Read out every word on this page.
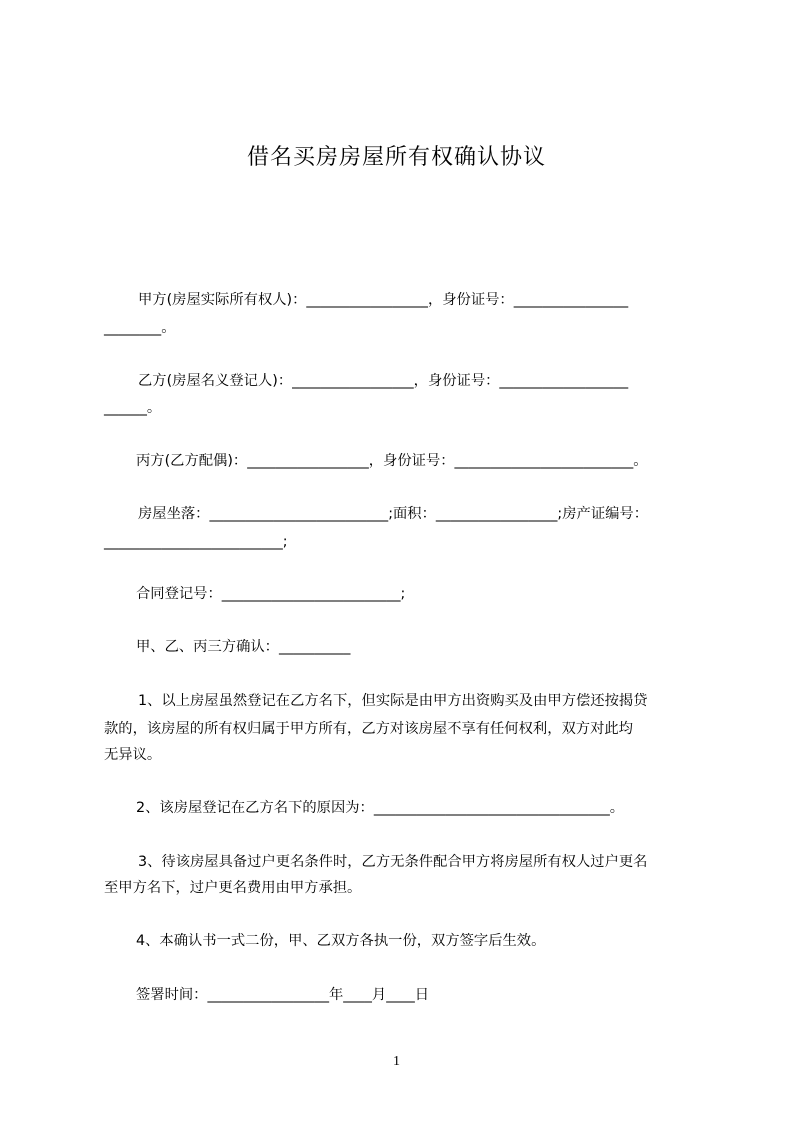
借名买房房屋所有权确认协议
甲方(房屋实际所有权人)：_________________，身份证号：________________
________。
乙方(房屋名义登记人)：_________________，身份证号：__________________
______。
丙方(乙方配偶)：_________________，身份证号：_________________________。
房屋坐落：_________________________;面积：_________________;房产证编号：
_________________________;
合同登记号：_________________________;
甲、乙、丙三方确认：__________
1、以上房屋虽然登记在乙方名下，但实际是由甲方出资购买及由甲方偿还按揭贷
款的，该房屋的所有权归属于甲方所有，乙方对该房屋不享有任何权利，双方对此均
无异议。
2、该房屋登记在乙方名下的原因为：_________________________________。
3、待该房屋具备过户更名条件时，乙方无条件配合甲方将房屋所有权人过户更名
至甲方名下，过户更名费用由甲方承担。
4、本确认书一式二份，甲、乙双方各执一份，双方签字后生效。
签署时间：_________________年____月____日
1
